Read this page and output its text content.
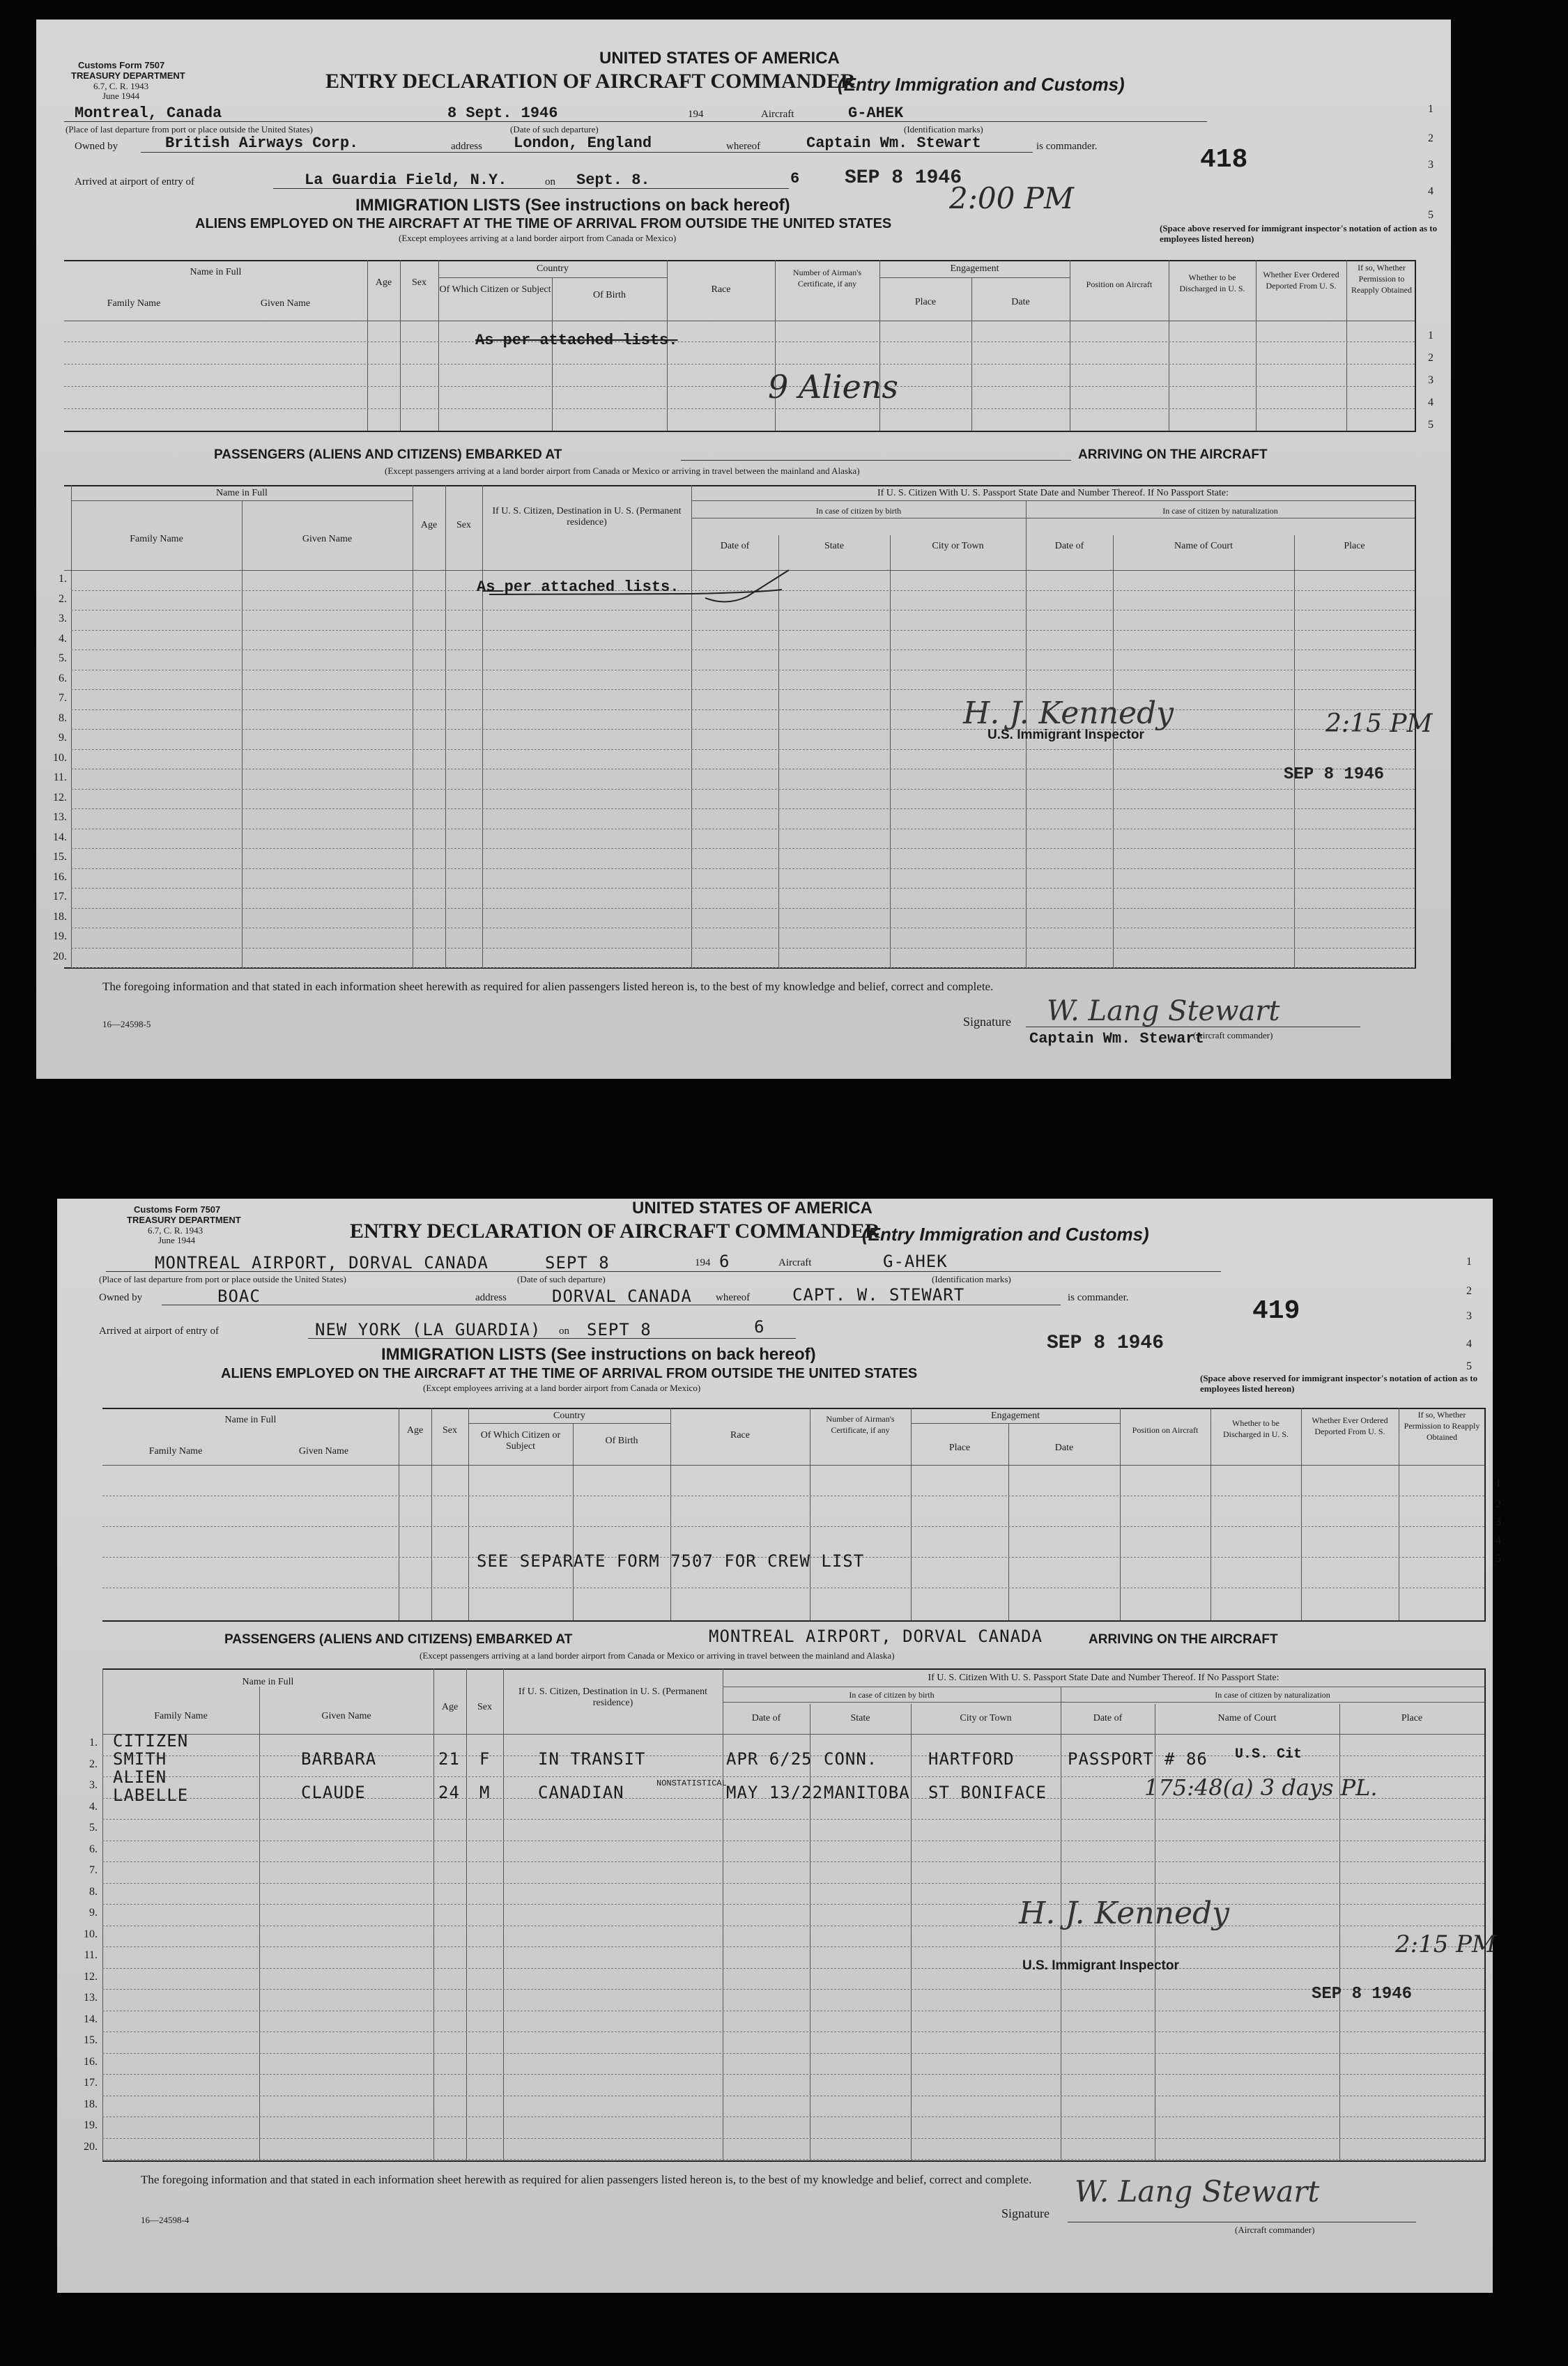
Customs Form 7507
TREASURY DEPARTMENT
6.7, C. R. 1943
June 1944
UNITED STATES OF AMERICA
ENTRY DECLARATION OF AIRCRAFT COMMANDER
(Entry Immigration and Customs)
Montreal, Canada	8 Sept. 1946	194	Aircraft	G-AHEK
(Place of last departure from port or place outside the United States)	(Date of such departure)	(Identification marks)
Owned by	British Airways Corp.	address London, England	whereof	Captain Wm. Stewart	is commander.
Arrived at airport of entry of	La Guardia Field, N.Y.	on Sept. 8.	6 SEP 8 1946
2:00 PM
418
(Space above reserved for immigrant inspector's notation of action as to employees listed hereon)
1
2
3
4
5
IMMIGRATION LISTS (See instructions on back hereof)
ALIENS EMPLOYED ON THE AIRCRAFT AT THE TIME OF ARRIVAL FROM OUTSIDE THE UNITED STATES
(Except employees arriving at a land border airport from Canada or Mexico)
Name in Full
Family Name	Given Name
Age	Sex
Country
Of Which Citizen or Subject
Of Birth
Race
Number of Airman's Certificate, if any
Engagement
Place	Date
Position on Aircraft
Whether to be Discharged in U. S.
Whether Ever Ordered Deported From U. S.
If so, Whether Permission to Reapply Obtained
1
2
3
4
5
As per attached lists.
9 Aliens
PASSENGERS (ALIENS AND CITIZENS) EMBARKED AT	ARRIVING ON THE AIRCRAFT
(Except passengers arriving at a land border airport from Canada or Mexico or arriving in travel between the mainland and Alaska)
Name in Full
Family Name	Given Name
Age	Sex
If U. S. Citizen, Destination in U. S. (Permanent residence)
If U. S. Citizen With U. S. Passport State Date and Number Thereof. If No Passport State:
In case of citizen by birth	In case of citizen by naturalization
Date of	State	City or Town	Date of	Name of Court	Place
1.
2.
3.
4.
5.
6.
7.
8.
9.
10.
11.
12.
13.
14.
15.
16.
17.
18.
19.
20.
As per attached lists.
H. J. Kennedy
U.S. Immigrant Inspector	2:15 PM
SEP 8 1946
The foregoing information and that stated in each information sheet herewith as required for alien passengers listed hereon is, to the best of my knowledge and belief, correct and complete.
16—24598-5	Signature W. Lang Stewart
Captain Wm. Stewart
(Aircraft commander)
Customs Form 7507
TREASURY DEPARTMENT
6.7, C. R. 1943
June 1944
UNITED STATES OF AMERICA
ENTRY DECLARATION OF AIRCRAFT COMMANDER
(Entry Immigration and Customs)
MONTREAL AIRPORT, DORVAL CANADA	SEPT 8	194 6	Aircraft	G-AHEK
(Place of last departure from port or place outside the United States)	(Date of such departure)	(Identification marks)
Owned by	BOAC	address	DORVAL CANADA whereof	CAPT. W. STEWART	is commander.
Arrived at airport of entry of	NEW YORK (LA GUARDIA) on SEPT 8	6
SEP 8 1946
419
(Space above reserved for immigrant inspector's notation of action as to employees listed hereon)
1
2
3
4
5
IMMIGRATION LISTS (See instructions on back hereof)
ALIENS EMPLOYED ON THE AIRCRAFT AT THE TIME OF ARRIVAL FROM OUTSIDE THE UNITED STATES
(Except employees arriving at a land border airport from Canada or Mexico)
Name in Full
Family Name	Given Name
Age	Sex
Country
Of Which Citizen or Subject
Of Birth
Race
Number of Airman's Certificate, if any
Engagement
Place	Date
Position on Aircraft
Whether to be Discharged in U. S.
Whether Ever Ordered Deported From U. S.
If so, Whether Permission to Reapply Obtained
1
2
3
4
5
SEE SEPARATE FORM 7507 FOR CREW LIST
PASSENGERS (ALIENS AND CITIZENS) EMBARKED AT	MONTREAL AIRPORT, DORVAL CANADA	ARRIVING ON THE AIRCRAFT
(Except passengers arriving at a land border airport from Canada or Mexico or arriving in travel between the mainland and Alaska)
Name in Full
Family Name	Given Name
Age	Sex
If U. S. Citizen, Destination in U. S. (Permanent residence)
If U. S. Citizen With U. S. Passport State Date and Number Thereof. If No Passport State:
In case of citizen by birth	In case of citizen by naturalization
Date of	State	City or Town	Date of	Name of Court	Place
1.
2.
3.
4.
5.
6.
7.
8.
9.
10.
11.
12.
13.
14.
15.
16.
17.
18.
19.
20.
CITIZEN
SMITH	BARBARA	21 F	IN TRANSIT	APR 6/25 CONN.	HARTFORD	PASSPORT # 86 U.S. Cit
ALIEN
LABELLE	CLAUDE	24 M	CANADIAN	NONSTATISTICAL MAY 13/22 MANITOBA ST BONIFACE	175:48(a) 3 days PL.
H. J. Kennedy
U.S. Immigrant Inspector
2:15 PM
SEP 8 1946
The foregoing information and that stated in each information sheet herewith as required for alien passengers listed hereon is, to the best of my knowledge and belief, correct and complete.
16—24598-4	Signature
W. Lang Stewart
(Aircraft commander)
